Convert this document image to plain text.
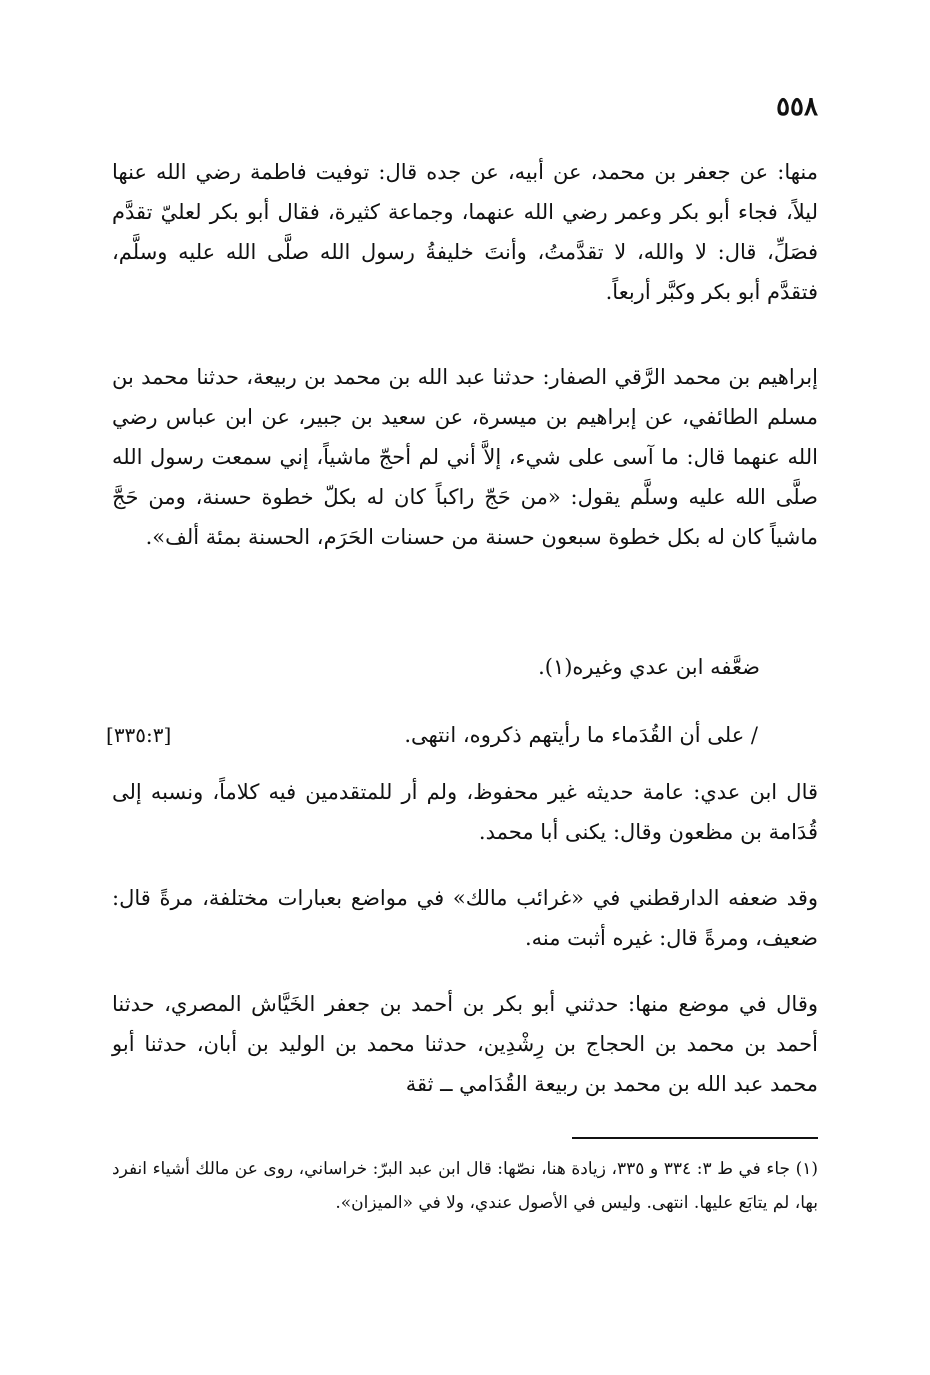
٥٥٨

منها: عن جعفر بن محمد، عن أبيه، عن جده قال: توفيت فاطمة رضي الله عنها ليلاً، فجاء أبو بكر وعمر رضي الله عنهما، وجماعة كثيرة، فقال أبو بكر لعليّ تقدَّم فصَلِّ، قال: لا والله، لا تقدَّمتُ، وأنتَ خليفةُ رسول الله صلَّى الله عليه وسلَّم، فتقدَّم أبو بكر وكبَّر أربعاً.

إبراهيم بن محمد الرَّقي الصفار: حدثنا عبد الله بن محمد بن ربيعة، حدثنا محمد بن مسلم الطائفي، عن إبراهيم بن ميسرة، عن سعيد بن جبير، عن ابن عباس رضي الله عنهما قال: ما آسى على شيء، إلاَّ أني لم أحجّ ماشياً، إني سمعت رسول الله صلَّى الله عليه وسلَّم يقول: «من حَجّ راكباً كان له بكلّ خطوة حسنة، ومن حَجَّ ماشياً كان له بكل خطوة سبعون حسنة من حسنات الحَرَم، الحسنة بمئة ألف».

ضعَّفه ابن عدي وغيره(١).

[٣٣٥:٣]	/ على أن القُدَماء ما رأيتهم ذكروه، انتهى.

قال ابن عدي: عامة حديثه غير محفوظ، ولم أر للمتقدمين فيه كلاماً، ونسبه إلى قُدَامة بن مظعون وقال: يكنى أبا محمد.

وقد ضعفه الدارقطني في «غرائب مالك» في مواضع بعبارات مختلفة، مرةً قال: ضعيف، ومرةً قال: غيره أثبت منه.

وقال في موضع منها: حدثني أبو بكر بن أحمد بن جعفر الخَيَّاش المصري، حدثنا أحمد بن محمد بن الحجاج بن رِشْدِين، حدثنا محمد بن الوليد بن أبان، حدثنا أبو محمد عبد الله بن محمد بن ربيعة القُدَامي ــ ثقة

(١) جاء في ط ٣: ٣٣٤ و ٣٣٥، زيادة هنا، نصّها: قال ابن عبد البرّ: خراساني، روى عن مالك أشياء انفرد بها، لم يتابَع عليها. انتهى. وليس في الأصول عندي، ولا في «الميزان».
